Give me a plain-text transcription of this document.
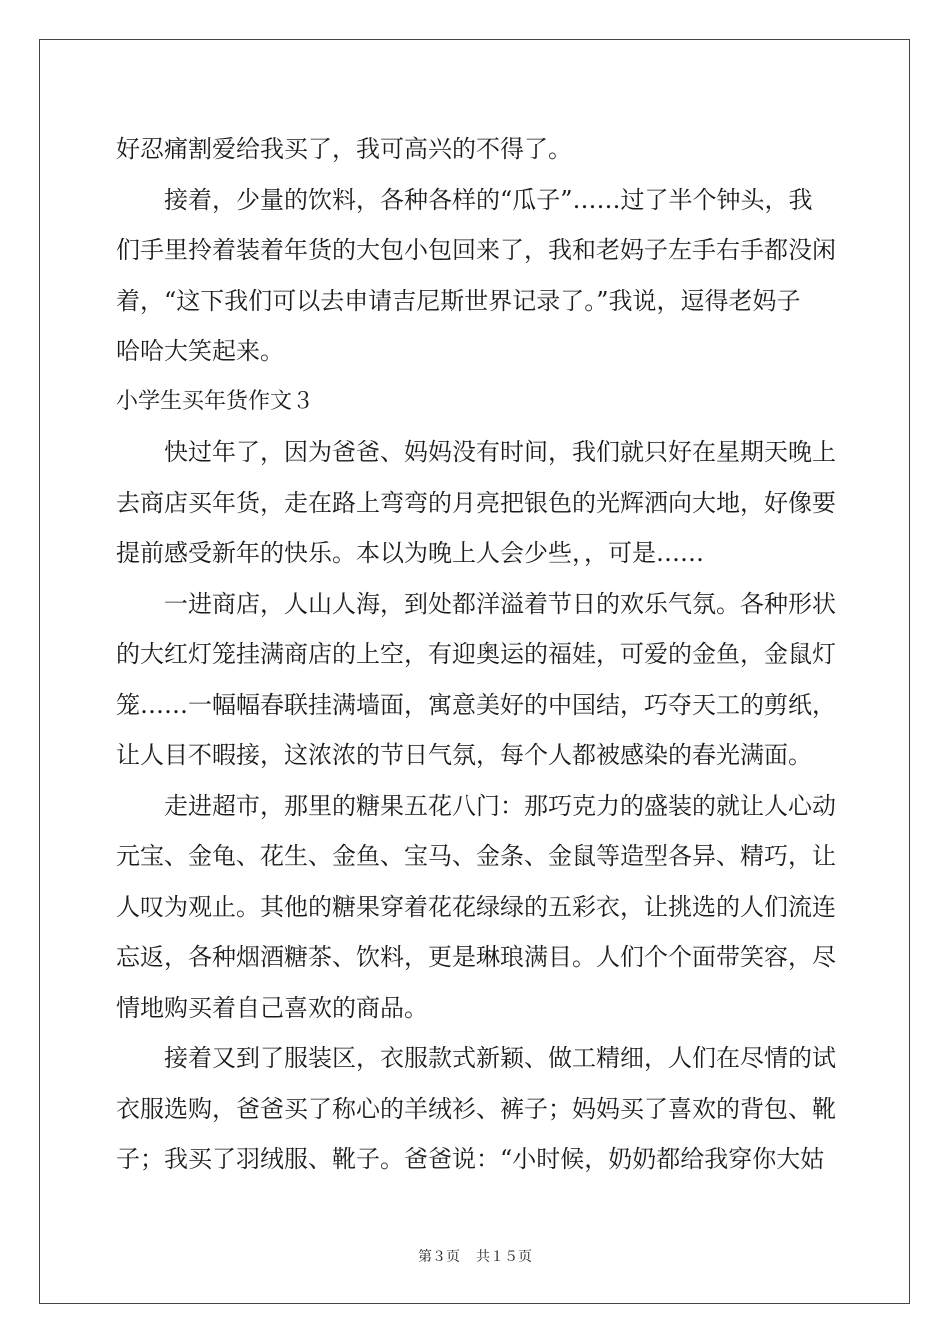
好忍痛割爱给我买了，我可高兴的不得了。
接着，少量的饮料，各种各样的“瓜子”……过了半个钟头，我
们手里拎着装着年货的大包小包回来了，我和老妈子左手右手都没闲
着，“这下我们可以去申请吉尼斯世界记录了。”我说，逗得老妈子
哈哈大笑起来。
小学生买年货作文３
快过年了，因为爸爸、妈妈没有时间，我们就只好在星期天晚上
去商店买年货，走在路上弯弯的月亮把银色的光辉洒向大地，好像要
提前感受新年的快乐。本以为晚上人会少些，，可是……
一进商店，人山人海，到处都洋溢着节日的欢乐气氛。各种形状
的大红灯笼挂满商店的上空，有迎奥运的福娃，可爱的金鱼，金鼠灯
笼……一幅幅春联挂满墙面，寓意美好的中国结，巧夺天工的剪纸，
让人目不暇接，这浓浓的节日气氛，每个人都被感染的春光满面。
走进超市，那里的糖果五花八门：那巧克力的盛装的就让人心动
元宝、金龟、花生、金鱼、宝马、金条、金鼠等造型各异、精巧，让
人叹为观止。其他的糖果穿着花花绿绿的五彩衣，让挑选的人们流连
忘返，各种烟酒糖茶、饮料，更是琳琅满目。人们个个面带笑容，尽
情地购买着自己喜欢的商品。
接着又到了服装区，衣服款式新颖、做工精细，人们在尽情的试
衣服选购，爸爸买了称心的羊绒衫、裤子；妈妈买了喜欢的背包、靴
子；我买了羽绒服、靴子。爸爸说：“小时候，奶奶都给我穿你大姑
第３页 共１５页
